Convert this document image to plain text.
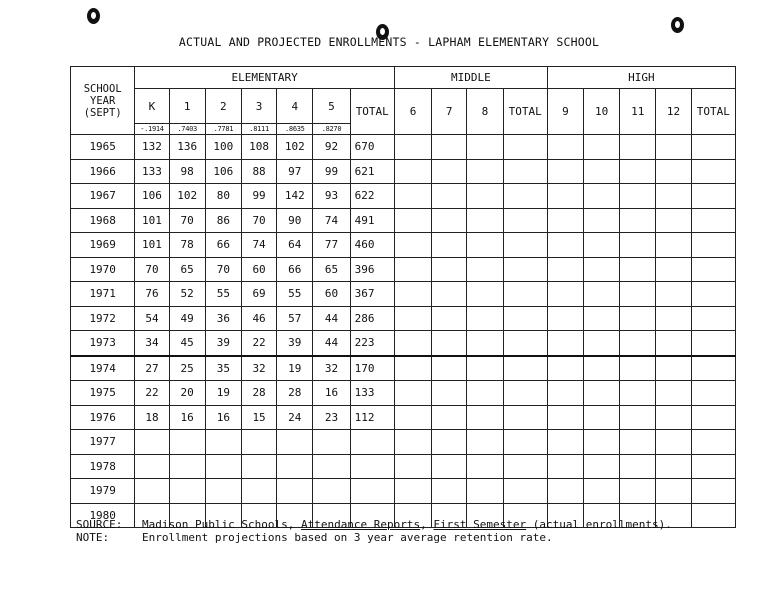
ACTUAL AND PROJECTED ENROLLMENTS - LAPHAM ELEMENTARY SCHOOL
SCHOOL YEAR (SEPT)	ELEMENTARY							MIDDLE				HIGH				
	K	1	2	3	4	5	TOTAL	6	7	8	TOTAL	9	10	11	12	TOTAL
	-.1914	.7403	.7781	.8111	.8635	.8270										
1965	132	136	100	108	102	92	670									
1966	133	98	106	88	97	99	621									
1967	106	102	80	99	142	93	622									
1968	101	70	86	70	90	74	491									
1969	101	78	66	74	64	77	460									
1970	70	65	70	60	66	65	396									
1971	76	52	55	69	55	60	367									
1972	54	49	36	46	57	44	286									
1973	34	45	39	22	39	44	223									
1974	27	25	35	32	19	32	170									
1975	22	20	19	28	28	16	133									
1976	18	16	16	15	24	23	112									
1977																
1978																
1979																
1980																
SOURCE:	Madison Public Schools, Attendance Reports, First Semester (actual enrollments).
NOTE:	Enrollment projections based on 3 year average retention rate.
